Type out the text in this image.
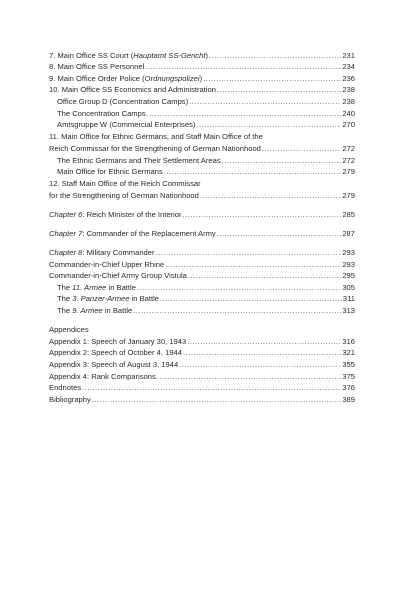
7. Main Office SS Court (Hauptamt SS-Gericht) .....	231
8. Main Office SS Personnel .....	234
9. Main Office Order Police (Ordnungspolizei) .....	236
10. Main Office SS Economics and Administration .....	238
Office Group D (Concentration Camps) .....	238
The Concentration Camps .....	240
Amtsgruppe W (Commercial Enterprises) .....	270
11. Main Office for Ethnic Germans, and Staff Main Office of the
Reich Commissar for the Strengthening of German Nationhood .....	272
The Ethnic Germans and Their Settlement Areas .....	272
Main Office for Ethnic Germans .....	279
12. Staff Main Office of the Reich Commissar
for the Strengthening of German Nationhood .....	279
Chapter 6: Reich Minister of the Interior .....	285
Chapter 7: Commander of the Replacement Army .....	287
Chapter 8: Military Commander .....	293
Commander-in-Chief Upper Rhine .....	293
Commander-in-Chief Army Group Vistula .....	295
The 11. Armee in Battle .....	305
The 3. Panzer-Armee in Battle .....	311
The 9. Armee in Battle .....	313
Appendices
Appendix 1: Speech of January 30, 1943 .....	316
Appendix 2: Speech of October 4, 1944 .....	321
Appendix 3: Speech of August 3, 1944 .....	355
Appendix 4: Rank Comparisons .....	375
Endnotes .....	376
Bibliography .....	389
